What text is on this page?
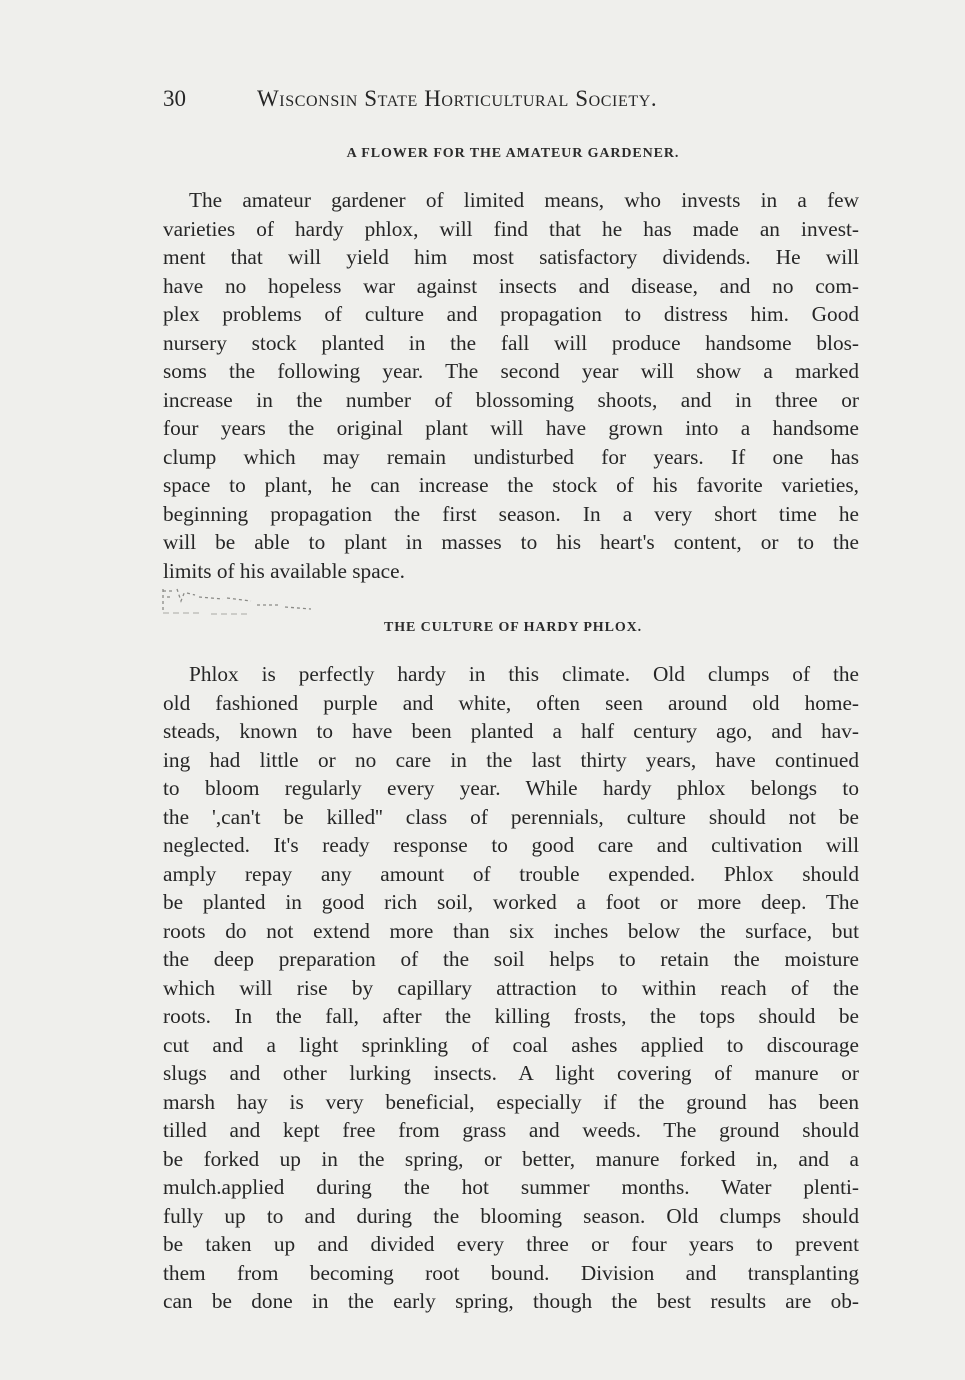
30	Wisconsin State Horticultural Society.
A FLOWER FOR THE AMATEUR GARDENER.
The amateur gardener of limited means, who invests in a few
varieties of hardy phlox, will find that he has made an invest-
ment that will yield him most satisfactory dividends. He will
have no hopeless war against insects and disease, and no com-
plex problems of culture and propagation to distress him. Good
nursery stock planted in the fall will produce handsome blos-
soms the following year. The second year will show a marked
increase in the number of blossoming shoots, and in three or
four years the original plant will have grown into a handsome
clump which may remain undisturbed for years. If one has
space to plant, he can increase the stock of his favorite varieties,
beginning propagation the first season. In a very short time he
will be able to plant in masses to his heart's content, or to the
limits of his available space.
THE CULTURE OF HARDY PHLOX.
Phlox is perfectly hardy in this climate. Old clumps of the
old fashioned purple and white, often seen around old home-
steads, known to have been planted a half century ago, and hav-
ing had little or no care in the last thirty years, have continued
to bloom regularly every year. While hardy phlox belongs to
the ',can't be killed'' class of perennials, culture should not be
neglected. It's ready response to good care and cultivation will
amply repay any amount of trouble expended. Phlox should
be planted in good rich soil, worked a foot or more deep. The
roots do not extend more than six inches below the surface, but
the deep preparation of the soil helps to retain the moisture
which will rise by capillary attraction to within reach of the
roots. In the fall, after the killing frosts, the tops should be
cut and a light sprinkling of coal ashes applied to discourage
slugs and other lurking insects. A light covering of manure or
marsh hay is very beneficial, especially if the ground has been
tilled and kept free from grass and weeds. The ground should
be forked up in the spring, or better, manure forked in, and a
mulch.applied during the hot summer months. Water plenti-
fully up to and during the blooming season. Old clumps should
be taken up and divided every three or four years to prevent
them from becoming root bound. Division and transplanting
can be done in the early spring, though the best results are ob-
